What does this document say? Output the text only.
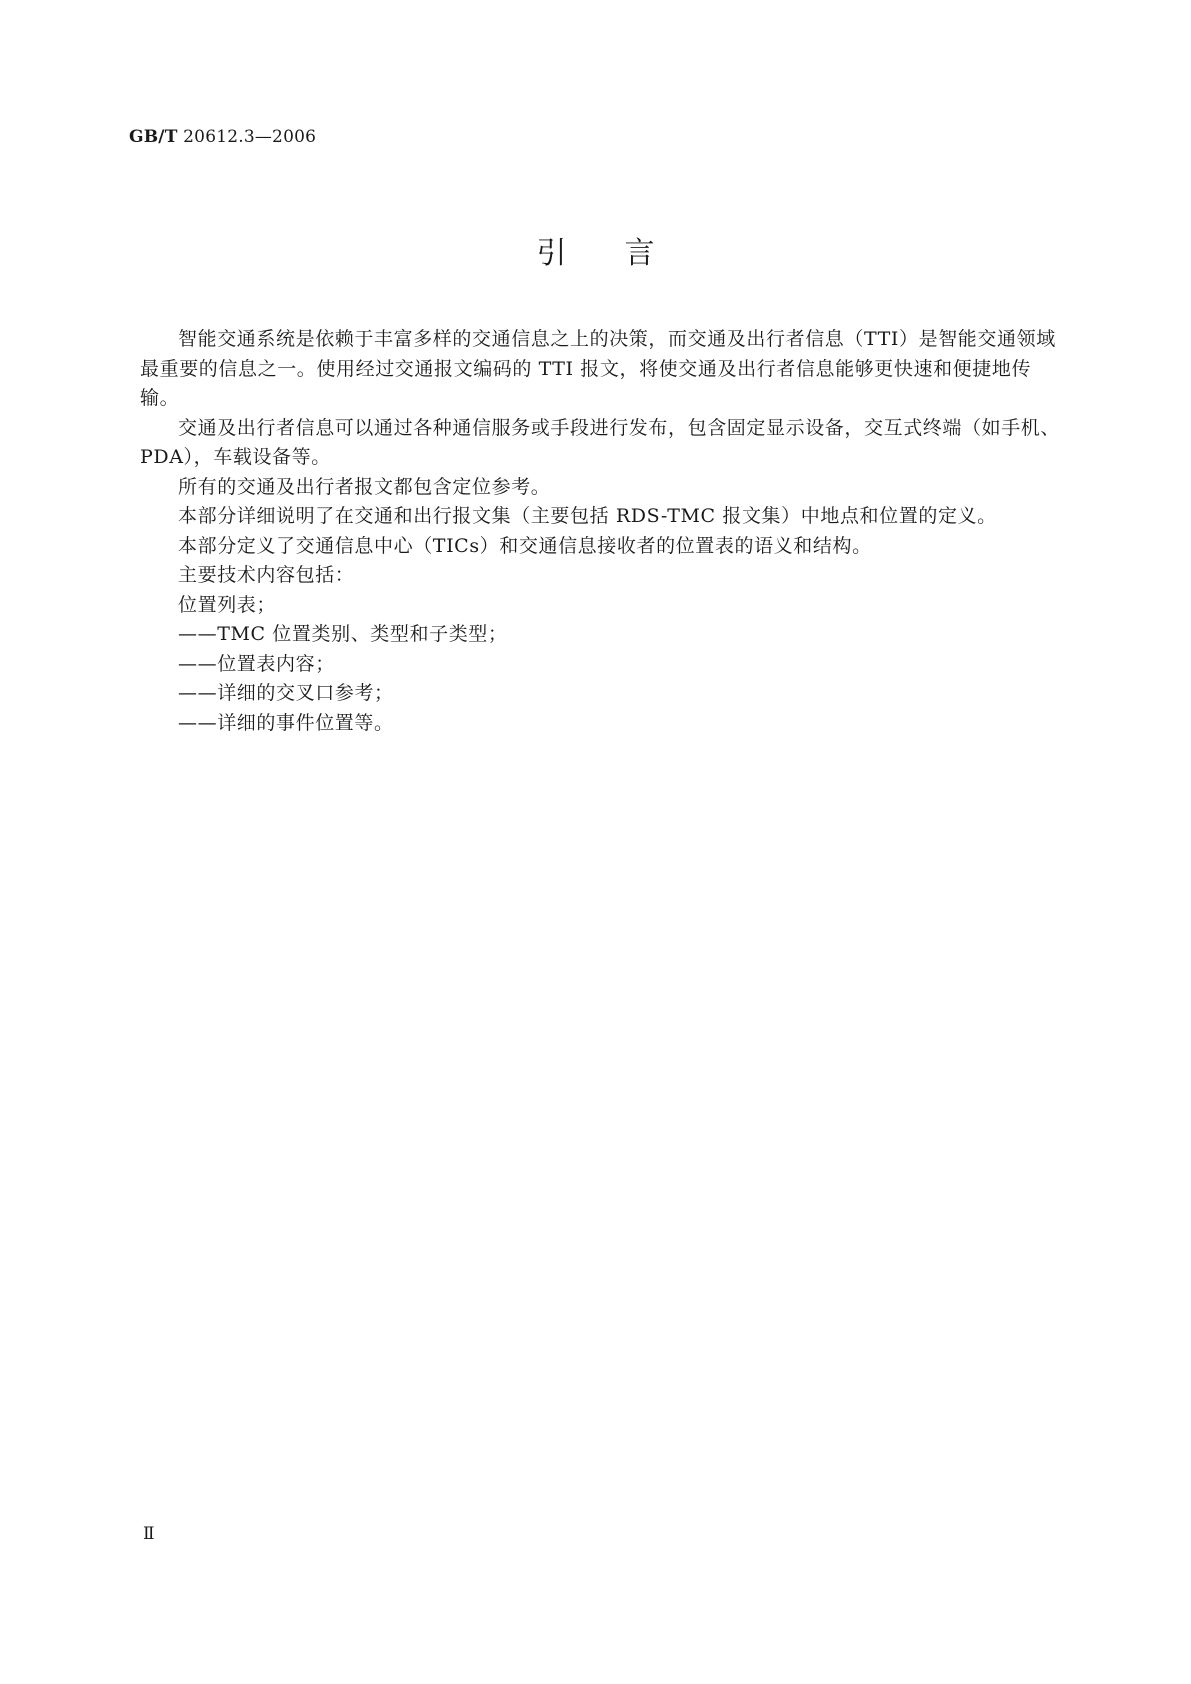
GB/T 20612.3—2006
引言

智能交通系统是依赖于丰富多样的交通信息之上的决策，而交通及出行者信息（TTI）是智能交通领域最重要的信息之一。使用经过交通报文编码的 TTI 报文，将使交通及出行者信息能够更快速和便捷地传输。

交通及出行者信息可以通过各种通信服务或手段进行发布，包含固定显示设备，交互式终端（如手机、PDA），车载设备等。

所有的交通及出行者报文都包含定位参考。

本部分详细说明了在交通和出行报文集（主要包括 RDS-TMC 报文集）中地点和位置的定义。

本部分定义了交通信息中心（TICs）和交通信息接收者的位置表的语义和结构。

主要技术内容包括：

位置列表；

——TMC 位置类别、类型和子类型；

——位置表内容；

——详细的交叉口参考；

——详细的事件位置等。

Ⅱ
